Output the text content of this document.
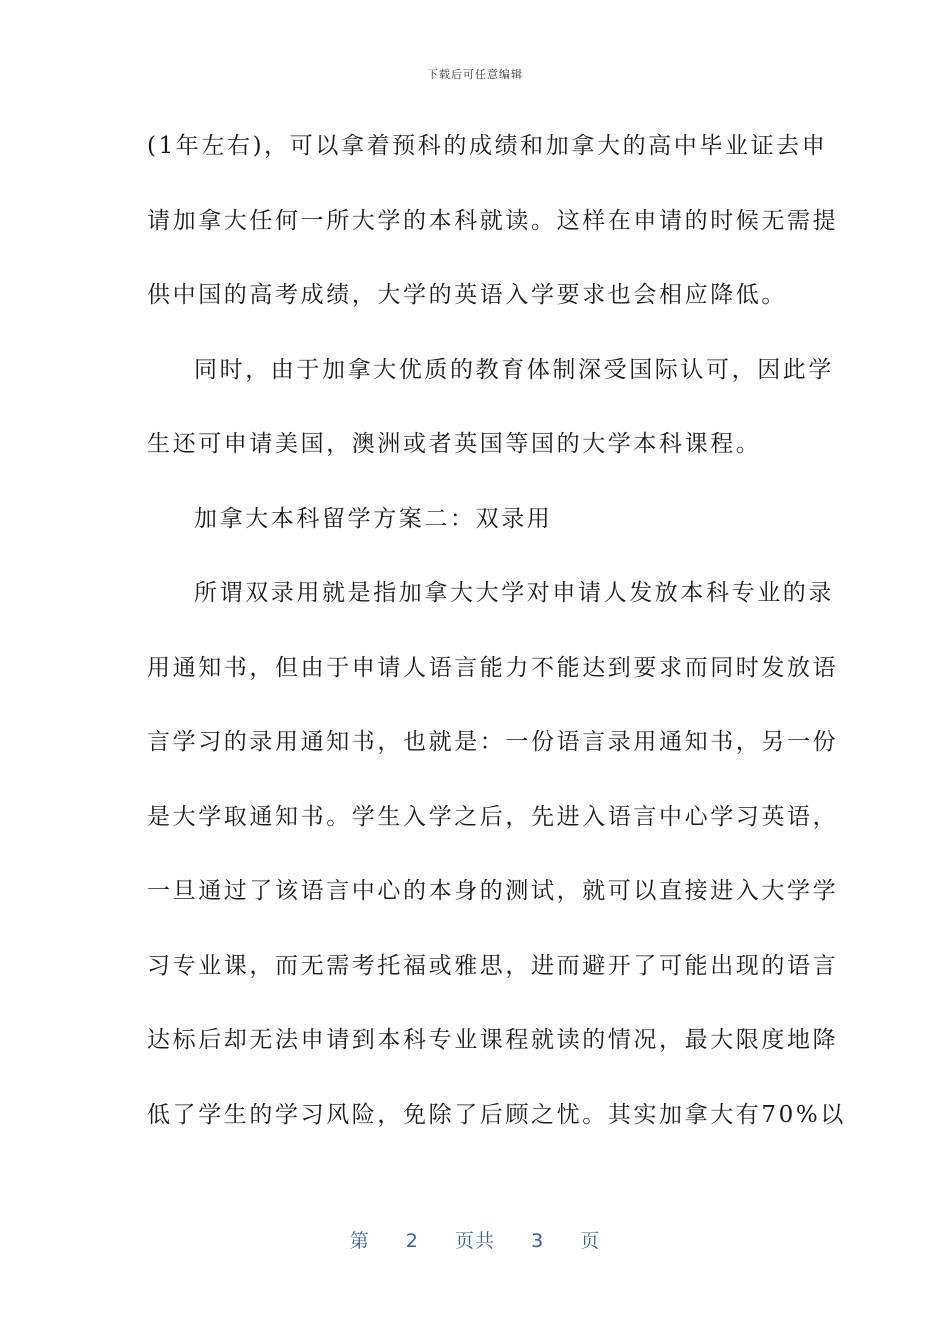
下载后可任意编辑
(1年左右)，可以拿着预科的成绩和加拿大的高中毕业证去申
请加拿大任何一所大学的本科就读。这样在申请的时候无需提
供中国的高考成绩，大学的英语入学要求也会相应降低。
同时，由于加拿大优质的教育体制深受国际认可，因此学
生还可申请美国，澳洲或者英国等国的大学本科课程。
加拿大本科留学方案二：双录用
所谓双录用就是指加拿大大学对申请人发放本科专业的录
用通知书，但由于申请人语言能力不能达到要求而同时发放语
言学习的录用通知书，也就是：一份语言录用通知书，另一份
是大学取通知书。学生入学之后，先进入语言中心学习英语，
一旦通过了该语言中心的本身的测试，就可以直接进入大学学
习专业课，而无需考托福或雅思，进而避开了可能出现的语言
达标后却无法申请到本科专业课程就读的情况，最大限度地降
低了学生的学习风险，免除了后顾之忧。其实加拿大有70%以
第 2 页共 3 页
